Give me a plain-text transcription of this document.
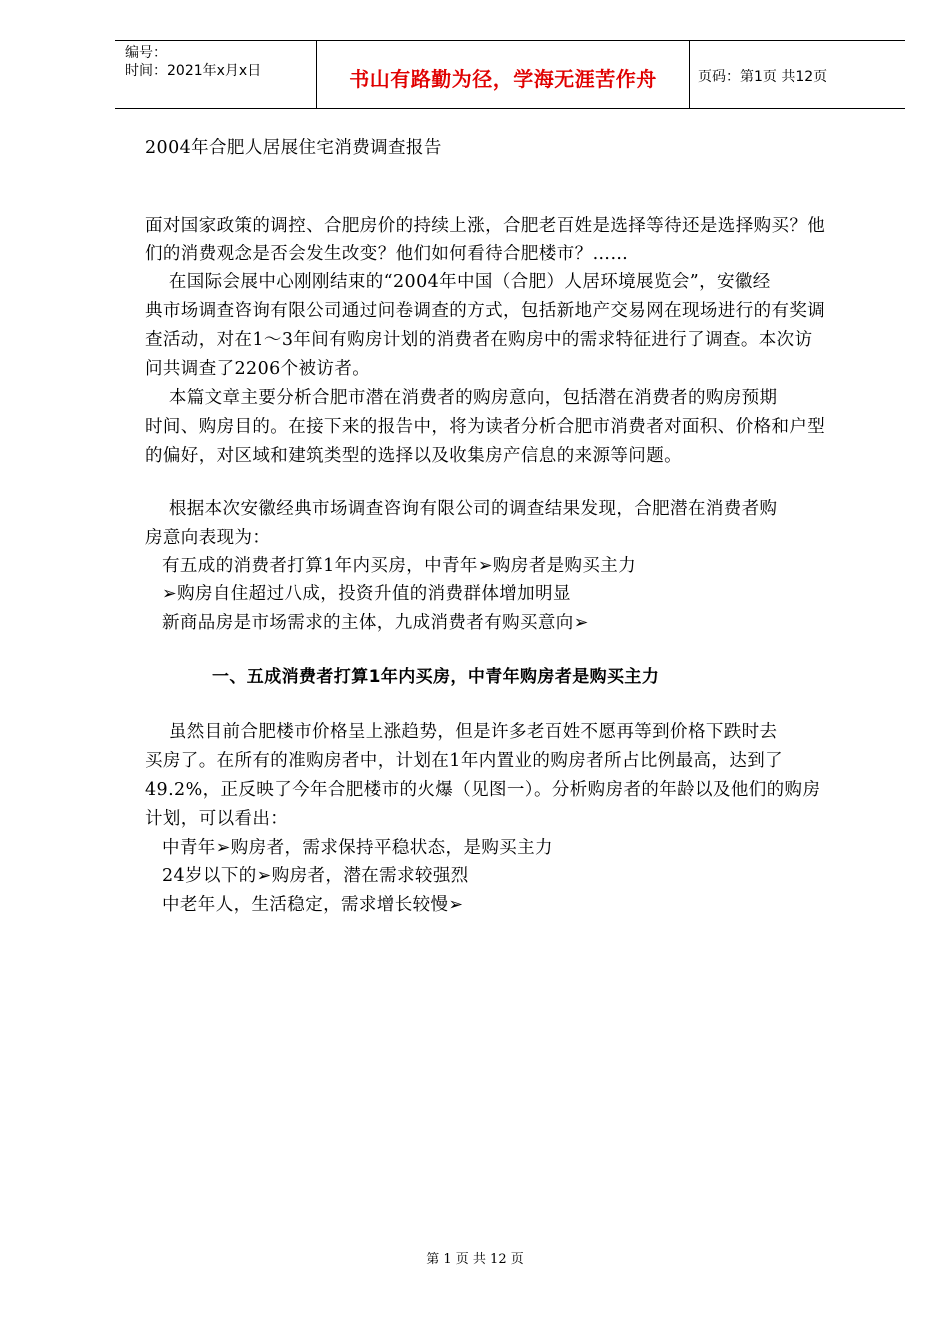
编号：
时间：2021年x月x日	书山有路勤为径，学海无涯苦作舟	页码：第1页 共12页
2004年合肥人居展住宅消费调查报告
面对国家政策的调控、合肥房价的持续上涨，合肥老百姓是选择等待还是选择购买？他
们的消费观念是否会发生改变？他们如何看待合肥楼市？……
在国际会展中心刚刚结束的“2004年中国（合肥）人居环境展览会”，安徽经
典市场调查咨询有限公司通过问卷调查的方式，包括新地产交易网在现场进行的有奖调
查活动，对在1～3年间有购房计划的消费者在购房中的需求特征进行了调查。本次访
问共调查了2206个被访者。
本篇文章主要分析合肥市潜在消费者的购房意向，包括潜在消费者的购房预期
时间、购房目的。在接下来的报告中，将为读者分析合肥市消费者对面积、价格和户型
的偏好，对区域和建筑类型的选择以及收集房产信息的来源等问题。
根据本次安徽经典市场调查咨询有限公司的调查结果发现，合肥潜在消费者购
房意向表现为：
有五成的消费者打算1年内买房，中青年➢购房者是购买主力
➢购房自住超过八成，投资升值的消费群体增加明显
新商品房是市场需求的主体，九成消费者有购买意向➢
一、五成消费者打算1年内买房，中青年购房者是购买主力
虽然目前合肥楼市价格呈上涨趋势，但是许多老百姓不愿再等到价格下跌时去
买房了。在所有的准购房者中，计划在1年内置业的购房者所占比例最高，达到了
49.2%，正反映了今年合肥楼市的火爆（见图一）。分析购房者的年龄以及他们的购房
计划，可以看出：
中青年➢购房者，需求保持平稳状态，是购买主力
24岁以下的➢购房者，潜在需求较强烈
中老年人，生活稳定，需求增长较慢➢
第 1 页 共 12 页
